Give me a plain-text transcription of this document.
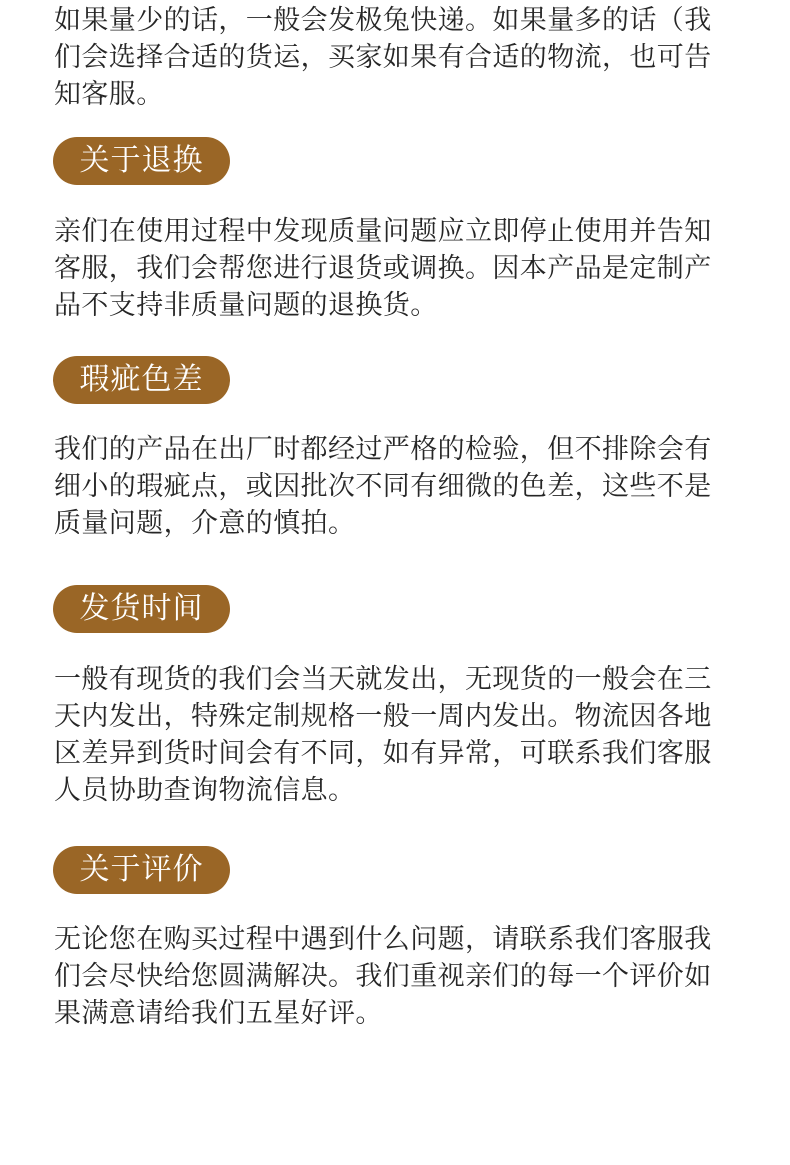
如果量少的话，一般会发极兔快递。如果量多的话（我们会选择合适的货运，买家如果有合适的物流，也可告知客服。

关于退换

亲们在使用过程中发现质量问题应立即停止使用并告知客服，我们会帮您进行退货或调换。因本产品是定制产品不支持非质量问题的退换货。

瑕疵色差

我们的产品在出厂时都经过严格的检验，但不排除会有细小的瑕疵点，或因批次不同有细微的色差，这些不是质量问题，介意的慎拍。

发货时间

一般有现货的我们会当天就发出，无现货的一般会在三天内发出，特殊定制规格一般一周内发出。物流因各地区差异到货时间会有不同，如有异常，可联系我们客服人员协助查询物流信息。

关于评价

无论您在购买过程中遇到什么问题，请联系我们客服我们会尽快给您圆满解决。我们重视亲们的每一个评价如果满意请给我们五星好评。
